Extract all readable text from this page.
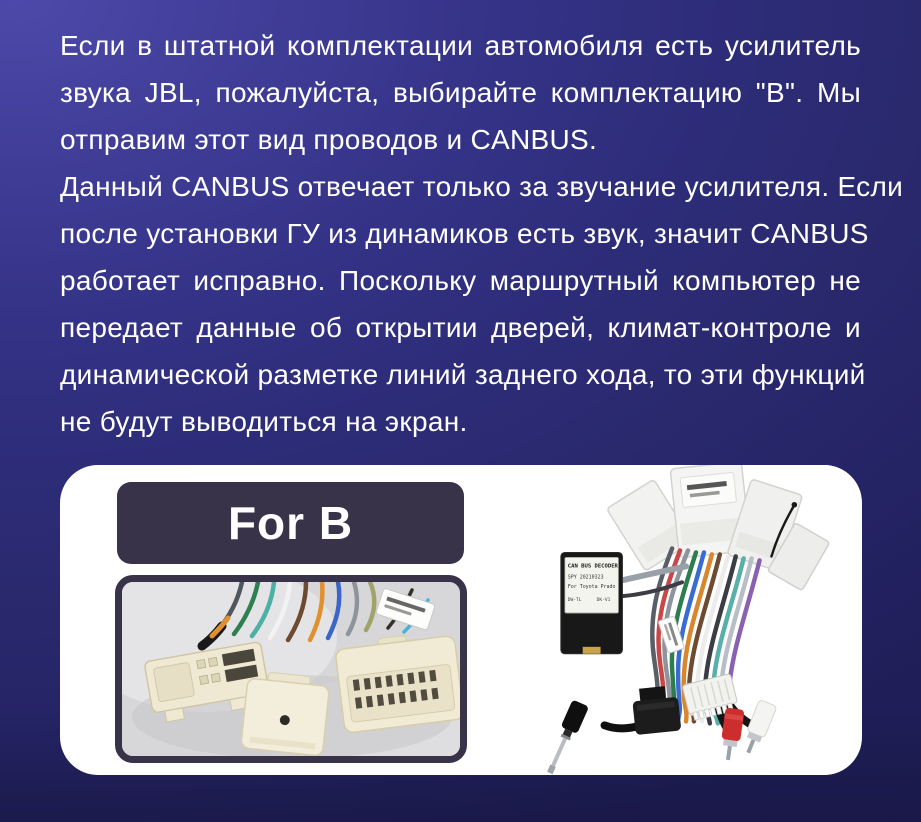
Если в штатной комплектации автомобиля есть усилитель
звука JBL, пожалуйста, выбирайте комплектацию "B". Мы
отправим этот вид проводов и CANBUS.
Данный CANBUS отвечает только за звучание усилителя. Если
после установки ГУ из динамиков есть звук, значит CANBUS
работает исправно. Поскольку маршрутный компьютер не
передает данные об открытии дверей, климат-контроле и
динамической разметке линий заднего хода, то эти функций
не будут выводиться на экран.
For B
CAN BUS DECODER
SPY 20210323
For Toyota Prado
DW-TL	DK-V1
